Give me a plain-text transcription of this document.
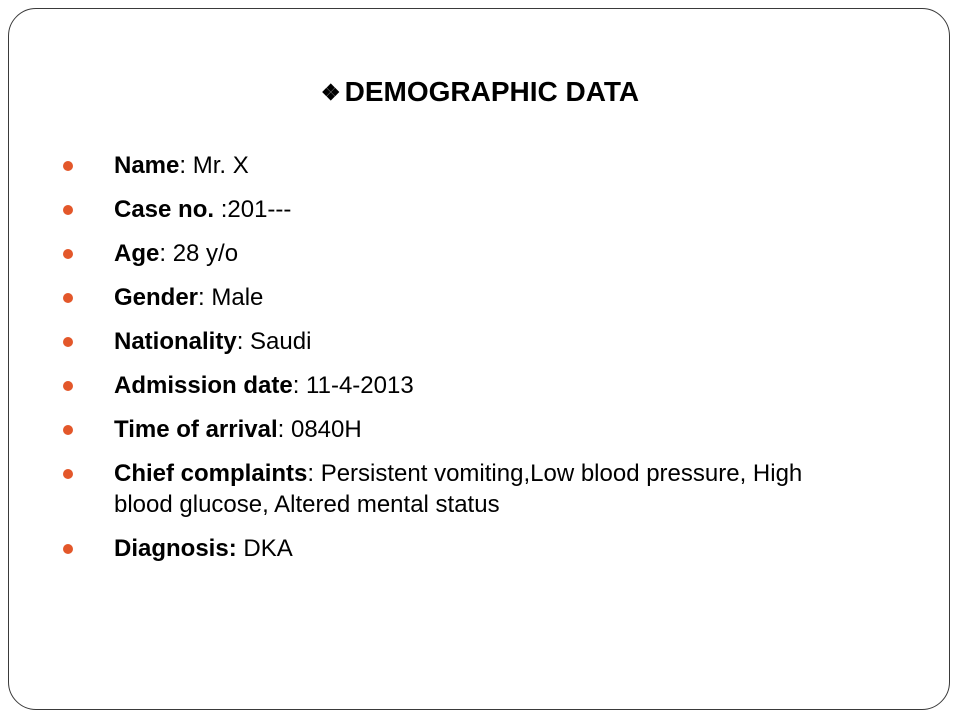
❖ DEMOGRAPHIC DATA
Name: Mr. X
Case no. :201---
Age: 28 y/o
Gender: Male
Nationality: Saudi
Admission date: 11-4-2013
Time of arrival: 0840H
Chief complaints: Persistent vomiting,Low blood pressure, High blood glucose, Altered mental status
Diagnosis: DKA
